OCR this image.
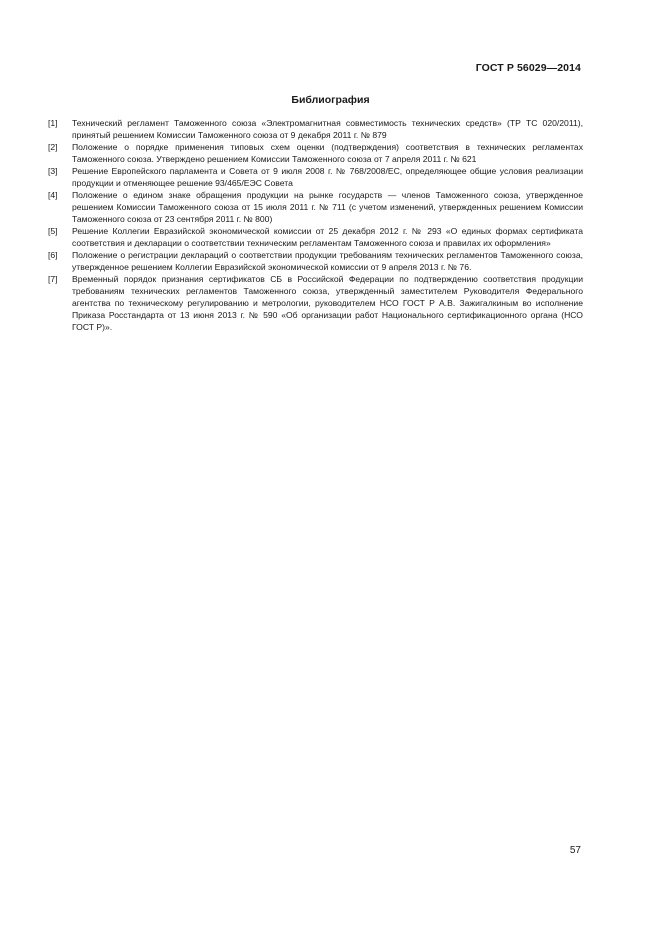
ГОСТ Р 56029—2014
Библиография
[1]	Технический регламент Таможенного союза «Электромагнитная совместимость технических средств» (ТР ТС 020/2011), принятый решением Комиссии Таможенного союза от 9 декабря 2011 г. № 879
[2]	Положение о порядке применения типовых схем оценки (подтверждения) соответствия в технических регламентах Таможенного союза. Утверждено решением Комиссии Таможенного союза от 7 апреля 2011 г. № 621
[3]	Решение Европейского парламента и Совета от 9 июля 2008 г. № 768/2008/ЕС, определяющее общие условия реализации продукции и отменяющее решение 93/465/ЕЭС Совета
[4]	Положение о едином знаке обращения продукции на рынке государств — членов Таможенного союза, утвержденное решением Комиссии Таможенного союза от 15 июля 2011 г. № 711 (с учетом изменений, утвержденных решением Комиссии Таможенного союза от 23 сентября 2011 г. № 800)
[5]	Решение Коллегии Евразийской экономической комиссии от 25 декабря 2012 г. № 293 «О единых формах сертификата соответствия и декларации о соответствии техническим регламентам Таможенного союза и правилах их оформления»
[6]	Положение о регистрации деклараций о соответствии продукции требованиям технических регламентов Таможенного союза, утвержденное решением Коллегии Евразийской экономической комиссии от 9 апреля 2013 г. № 76.
[7]	Временный порядок признания сертификатов СБ в Российской Федерации по подтверждению соответствия продукции требованиям технических регламентов Таможенного союза, утвержденный заместителем Руководителя Федерального агентства по техническому регулированию и метрологии, руководителем НСО ГОСТ Р А.В. Зажигалкиным во исполнение Приказа Росстандарта от 13 июня 2013 г. № 590 «Об организации работ Национального сертификационного органа (НСО ГОСТ Р)».
57
